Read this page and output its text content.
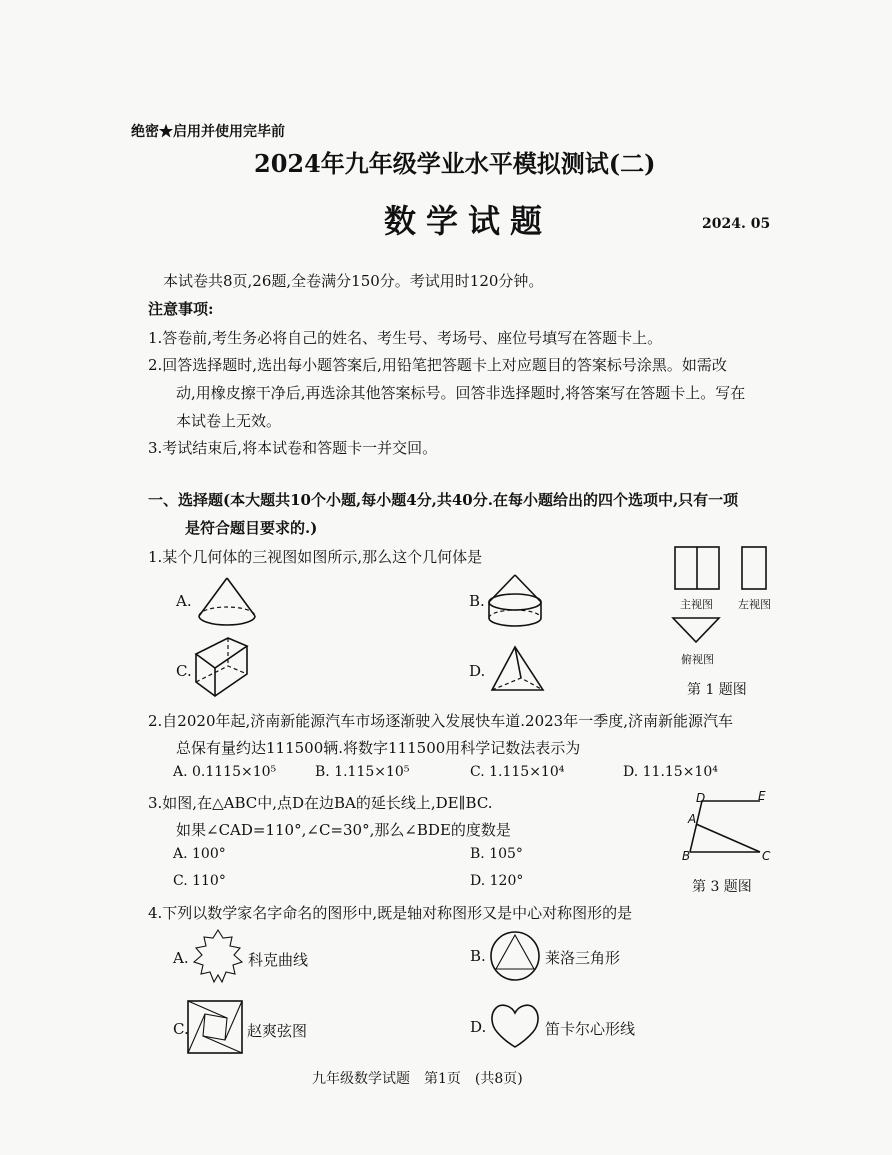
绝密★启用并使用完毕前
2024年九年级学业水平模拟测试(二)
数学试题	2024. 05
本试卷共8页,26题,全卷满分150分。考试用时120分钟。
注意事项:
1.答卷前,考生务必将自己的姓名、考生号、考场号、座位号填写在答题卡上。
2.回答选择题时,选出每小题答案后,用铅笔把答题卡上对应题目的答案标号涂黑。如需改
动,用橡皮擦干净后,再选涂其他答案标号。回答非选择题时,将答案写在答题卡上。写在
本试卷上无效。
3.考试结束后,将本试卷和答题卡一并交回。
一、选择题(本大题共10个小题,每小题4分,共40分.在每小题给出的四个选项中,只有一项
是符合题目要求的.)
1.某个几何体的三视图如图所示,那么这个几何体是
A.	B.
C.	D.
主视图 左视图
俯视图
第 1 题图
2.自2020年起,济南新能源汽车市场逐渐驶入发展快车道.2023年一季度,济南新能源汽车
总保有量约达111500辆.将数字111500用科学记数法表示为
A. 0.1115×10⁵	B. 1.115×10⁵	C. 1.115×10⁴	D. 11.15×10⁴
3.如图,在△ABC中,点D在边BA的延长线上,DE∥BC.
如果∠CAD=110°,∠C=30°,那么∠BDE的度数是
A. 100°	B. 105°
C. 110°	D. 120°
D	E
A
B	C
第 3 题图
4.下列以数学家名字命名的图形中,既是轴对称图形又是中心对称图形的是
A.	科克曲线	B.	莱洛三角形
C.	赵爽弦图	D.	笛卡尔心形线
九年级数学试题　第1页　(共8页)
